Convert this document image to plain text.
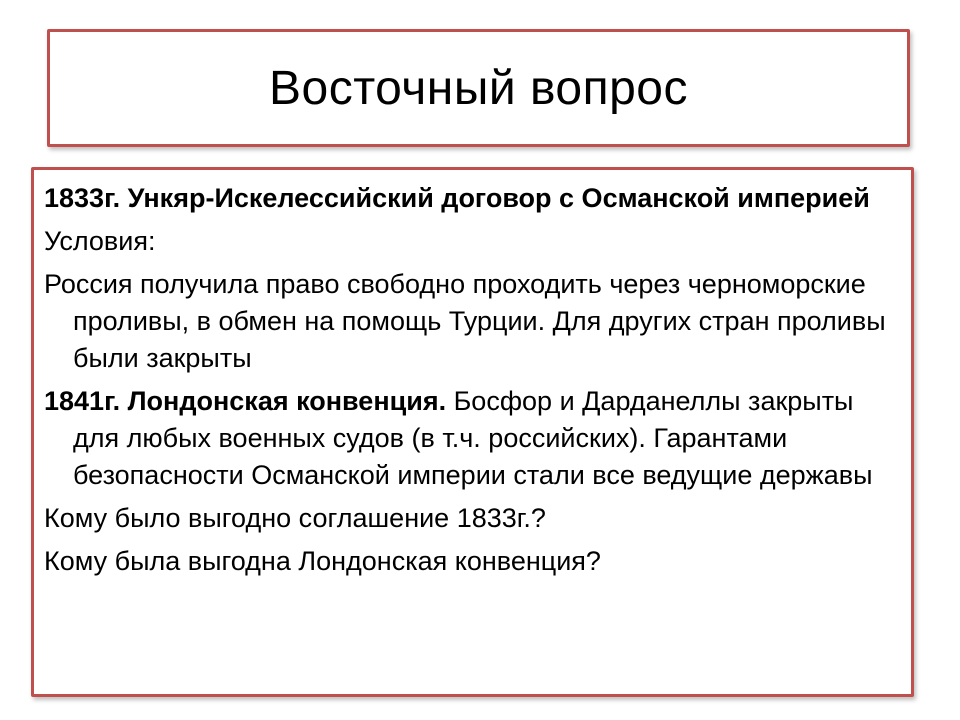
Восточный вопрос

1833г. Ункяр-Искелессийский договор с Османской империей

Условия:

Россия получила право свободно проходить через черноморские проливы, в обмен на помощь Турции. Для других стран проливы были закрыты

1841г. Лондонская конвенция. Босфор и Дарданеллы закрыты для любых военных судов (в т.ч. российских). Гарантами безопасности Османской империи стали все ведущие державы

Кому было выгодно соглашение 1833г.?

Кому была выгодна Лондонская конвенция?
